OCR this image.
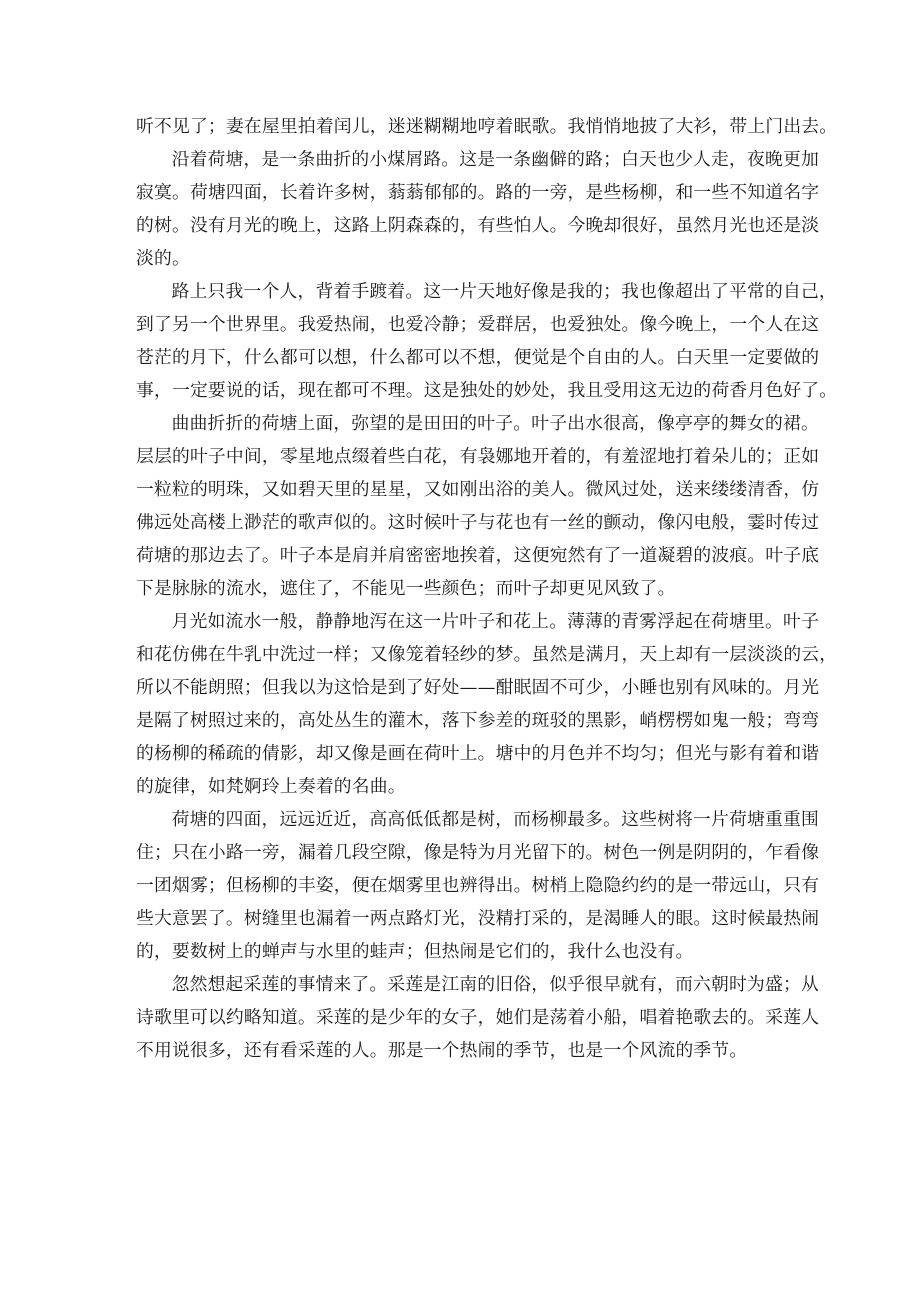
听不见了；妻在屋里拍着闰儿，迷迷糊糊地哼着眠歌。我悄悄地披了大衫，带上门出去。

沿着荷塘，是一条曲折的小煤屑路。这是一条幽僻的路；白天也少人走，夜晚更加
寂寞。荷塘四面，长着许多树，蓊蓊郁郁的。路的一旁，是些杨柳，和一些不知道名字
的树。没有月光的晚上，这路上阴森森的，有些怕人。今晚却很好，虽然月光也还是淡
淡的。

路上只我一个人，背着手踱着。这一片天地好像是我的；我也像超出了平常的自己，
到了另一个世界里。我爱热闹，也爱冷静；爱群居，也爱独处。像今晚上，一个人在这
苍茫的月下，什么都可以想，什么都可以不想，便觉是个自由的人。白天里一定要做的
事，一定要说的话，现在都可不理。这是独处的妙处，我且受用这无边的荷香月色好了。

曲曲折折的荷塘上面，弥望的是田田的叶子。叶子出水很高，像亭亭的舞女的裙。
层层的叶子中间，零星地点缀着些白花，有袅娜地开着的，有羞涩地打着朵儿的；正如
一粒粒的明珠，又如碧天里的星星，又如刚出浴的美人。微风过处，送来缕缕清香，仿
佛远处高楼上渺茫的歌声似的。这时候叶子与花也有一丝的颤动，像闪电般，霎时传过
荷塘的那边去了。叶子本是肩并肩密密地挨着，这便宛然有了一道凝碧的波痕。叶子底
下是脉脉的流水，遮住了，不能见一些颜色；而叶子却更见风致了。

月光如流水一般，静静地泻在这一片叶子和花上。薄薄的青雾浮起在荷塘里。叶子
和花仿佛在牛乳中洗过一样；又像笼着轻纱的梦。虽然是满月，天上却有一层淡淡的云，
所以不能朗照；但我以为这恰是到了好处——酣眠固不可少，小睡也别有风味的。月光
是隔了树照过来的，高处丛生的灌木，落下参差的斑驳的黑影，峭楞楞如鬼一般；弯弯
的杨柳的稀疏的倩影，却又像是画在荷叶上。塘中的月色并不均匀；但光与影有着和谐
的旋律，如梵婀玲上奏着的名曲。

荷塘的四面，远远近近，高高低低都是树，而杨柳最多。这些树将一片荷塘重重围
住；只在小路一旁，漏着几段空隙，像是特为月光留下的。树色一例是阴阴的，乍看像
一团烟雾；但杨柳的丰姿，便在烟雾里也辨得出。树梢上隐隐约约的是一带远山，只有
些大意罢了。树缝里也漏着一两点路灯光，没精打采的，是渴睡人的眼。这时候最热闹
的，要数树上的蝉声与水里的蛙声；但热闹是它们的，我什么也没有。

忽然想起采莲的事情来了。采莲是江南的旧俗，似乎很早就有，而六朝时为盛；从
诗歌里可以约略知道。采莲的是少年的女子，她们是荡着小船，唱着艳歌去的。采莲人
不用说很多，还有看采莲的人。那是一个热闹的季节，也是一个风流的季节。
